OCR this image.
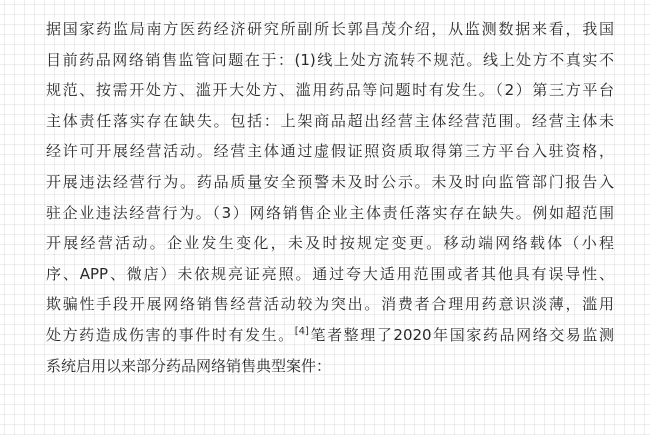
据国家药监局南方医药经济研究所副所长郭昌茂介绍，从监测数据来看，我国
目前药品网络销售监管问题在于：(1)线上处方流转不规范。线上处方不真实不
规范、按需开处方、滥开大处方、滥用药品等问题时有发生。（2）第三方平台
主体责任落实存在缺失。包括：上架商品超出经营主体经营范围。经营主体未
经许可开展经营活动。经营主体通过虚假证照资质取得第三方平台入驻资格，
开展违法经营行为。药品质量安全预警未及时公示。未及时向监管部门报告入
驻企业违法经营行为。（3）网络销售企业主体责任落实存在缺失。例如超范围
开展经营活动。企业发生变化，未及时按规定变更。移动端网络载体（小程
序、APP、微店）未依规亮证亮照。通过夸大适用范围或者其他具有误导性、
欺骗性手段开展网络销售经营活动较为突出。消费者合理用药意识淡薄，滥用
处方药造成伤害的事件时有发生。[4]笔者整理了2020年国家药品网络交易监测
系统启用以来部分药品网络销售典型案件：
